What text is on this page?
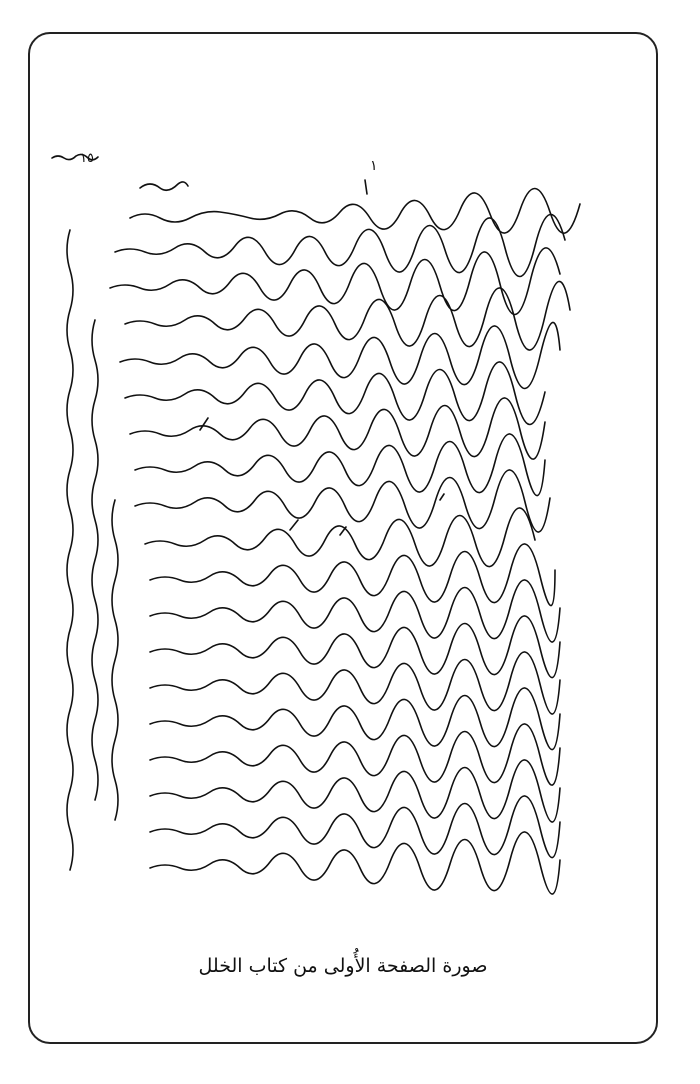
١٥	١
صورة الصفحة الأُولى من كتاب الخلل
